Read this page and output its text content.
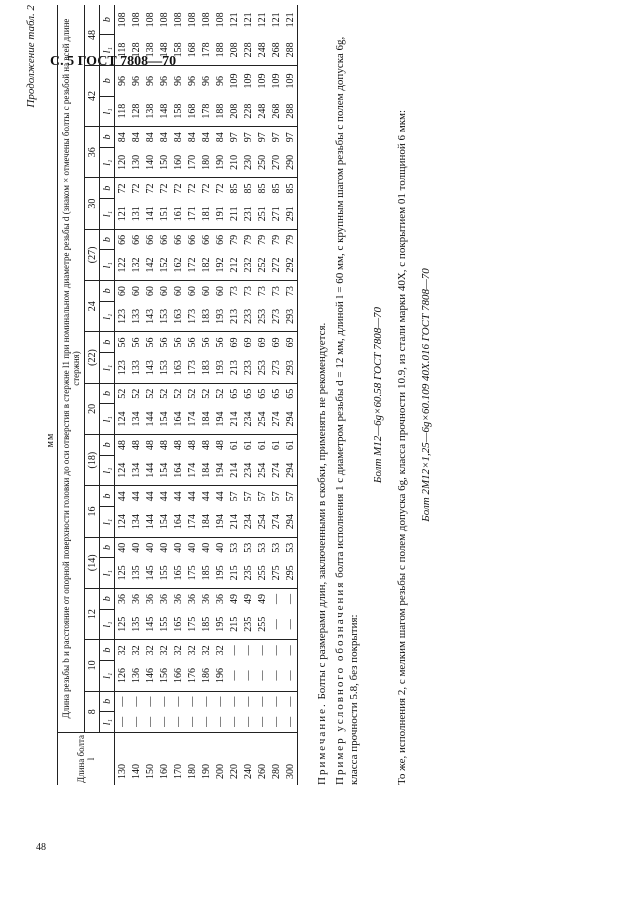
С. 5 ГОСТ 7808—70
48
Продолжение табл. 2
мм
Длина болта l	Длина резьбы b и расстояние от опорной поверхности головки до оси отверстия в стержне l1 при номинальном диаметре резьбы d (знаком × отмечены болты с резьбой на всей длине стержня)																											
	8		10		12		(14)		16		(18)		20		(22)		24		(27)		30		36		42		48	
	l₁	b	l₁	b	l₁	b	l₁	b	l₁	b	l₁	b	l₁	b	l₁	b	l₁	b	l₁	b	l₁	b	l₁	b	l₁	b	l₁	b
130	—	—	126	32	125	36	125	40	124	44	124	48	124	52	123	56	123	60	122	66	121	72	120	84	118	96	118	108
140	—	—	136	32	135	36	135	40	134	44	134	48	134	52	133	56	133	60	132	66	131	72	130	84	128	96	128	108
150	—	—	146	32	145	36	145	40	144	44	144	48	144	52	143	56	143	60	142	66	141	72	140	84	138	96	138	108
160	—	—	156	32	155	36	155	40	154	44	154	48	154	52	153	56	153	60	152	66	151	72	150	84	148	96	148	108
170	—	—	166	32	165	36	165	40	164	44	164	48	164	52	163	56	163	60	162	66	161	72	160	84	158	96	158	108
180	—	—	176	32	175	36	175	40	174	44	174	48	174	52	173	56	173	60	172	66	171	72	170	84	168	96	168	108
190	—	—	186	32	185	36	185	40	184	44	184	48	184	52	183	56	183	60	182	66	181	72	180	84	178	96	178	108
200	—	—	196	32	195	36	195	40	194	44	194	48	194	52	193	56	193	60	192	66	191	72	190	84	188	96	188	108
220	—	—	—	—	215	49	215	53	214	57	214	61	214	65	213	69	213	73	212	79	211	85	210	97	208	109	208	121
240	—	—	—	—	235	49	235	53	234	57	234	61	234	65	233	69	233	73	232	79	231	85	230	97	228	109	228	121
260	—	—	—	—	255	49	255	53	254	57	254	61	254	65	253	69	253	73	252	79	251	85	250	97	248	109	248	121
280	—	—	—	—	—	—	275	53	274	57	274	61	274	65	273	69	273	73	272	79	271	85	270	97	268	109	268	121
300	—	—	—	—	—	—	295	53	294	57	294	61	294	65	293	69	293	73	292	79	291	85	290	97	288	109	288	121

Примечание. Болты с размерами длин, заключенными в скобки, применять не рекомендуется. Пример условного обозначения болта исполнения 1 с диаметром резьбы d = 12 мм, длиной l = 60 мм, с крупным шагом резьбы с полем допуска 6g, класса прочности 5.8, без покрытия:

Болт М12—6g×60.58 ГОСТ 7808—70 То же, исполнения 2, с мелким шагом резьбы с полем допуска 6g, класса прочности 10.9, из стали марки 40Х, с покрытием 01 толщиной 6 мкм: Болт 2М12×1,25—6g×60.109 40Х.016 ГОСТ 7808—70
